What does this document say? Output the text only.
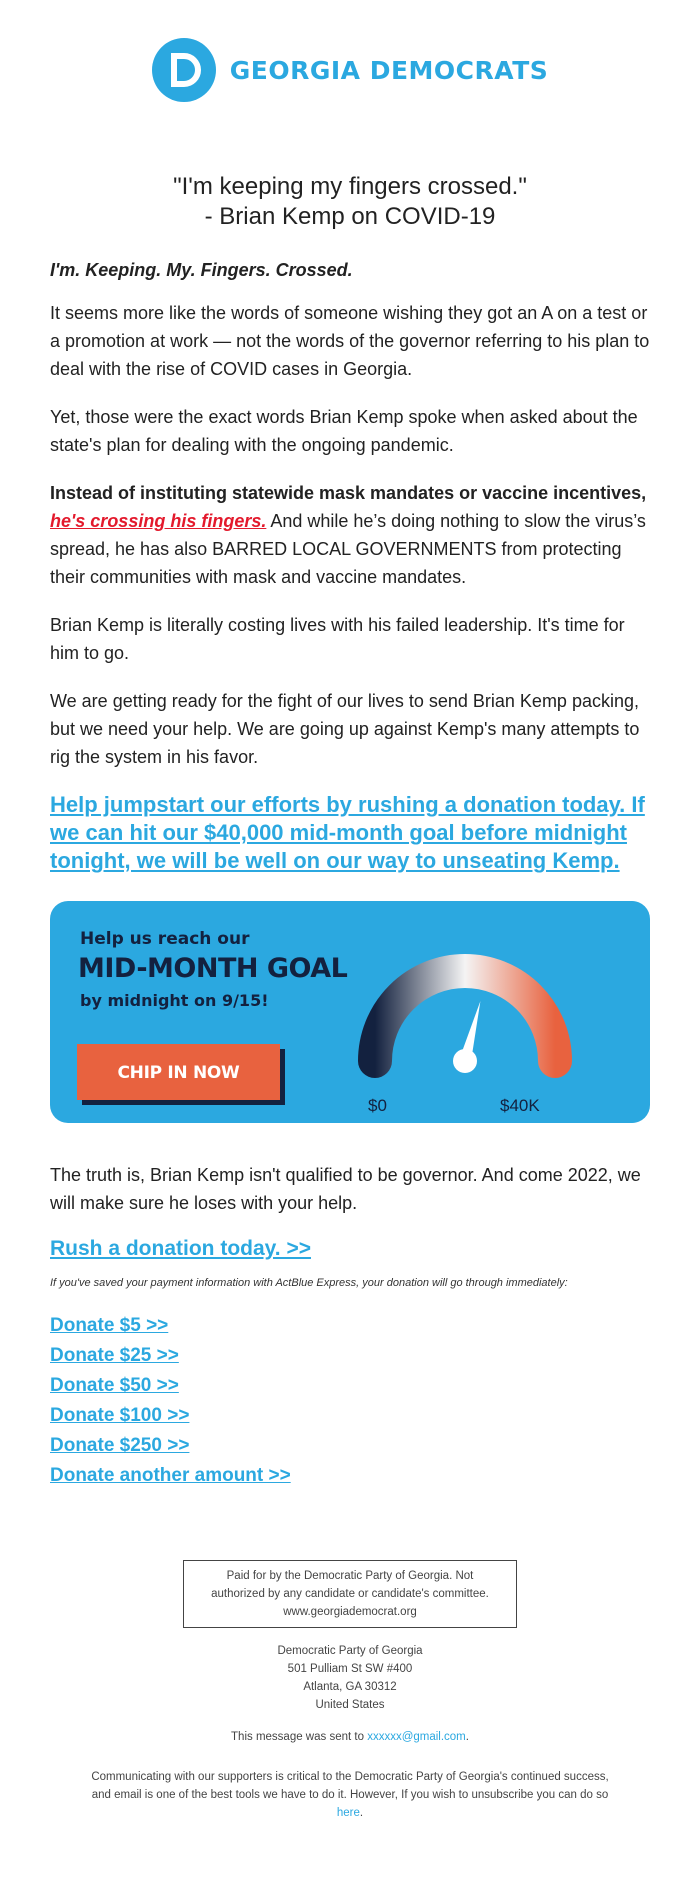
GEORGIA DEMOCRATS
"I'm keeping my fingers crossed."
- Brian Kemp on COVID-19
I'm. Keeping. My. Fingers. Crossed.

It seems more like the words of someone wishing they got an A on a test or a promotion at work — not the words of the governor referring to his plan to deal with the rise of COVID cases in Georgia.

Yet, those were the exact words Brian Kemp spoke when asked about the state's plan for dealing with the ongoing pandemic.

Instead of instituting statewide mask mandates or vaccine incentives, he's crossing his fingers. And while he’s doing nothing to slow the virus’s spread, he has also BARRED LOCAL GOVERNMENTS from protecting their communities with mask and vaccine mandates.

Brian Kemp is literally costing lives with his failed leadership. It's time for him to go.

We are getting ready for the fight of our lives to send Brian Kemp packing, but we need your help. We are going up against Kemp's many attempts to rig the system in his favor.

Help jumpstart our efforts by rushing a donation today. If we can hit our $40,000 mid-month goal before midnight tonight, we will be well on our way to unseating Kemp.
Help us reach our
MID-MONTH GOAL
by midnight on 9/15!
CHIP IN NOW
$0	$40K

The truth is, Brian Kemp isn't qualified to be governor. And come 2022, we will make sure he loses with your help.

Rush a donation today. >>
If you've saved your payment information with ActBlue Express, your donation will go through immediately:
Donate $5 >>
Donate $25 >>
Donate $50 >>
Donate $100 >>
Donate $250 >>
Donate another amount >>
Paid for by the Democratic Party of Georgia. Not authorized by any candidate or candidate's committee. www.georgiademocrat.org
Democratic Party of Georgia
501 Pulliam St SW #400
Atlanta, GA 30312
United States
This message was sent to xxxxxx@gmail.com.
Communicating with our supporters is critical to the Democratic Party of Georgia's continued success, and email is one of the best tools we have to do it. However, If you wish to unsubscribe you can do so here.
